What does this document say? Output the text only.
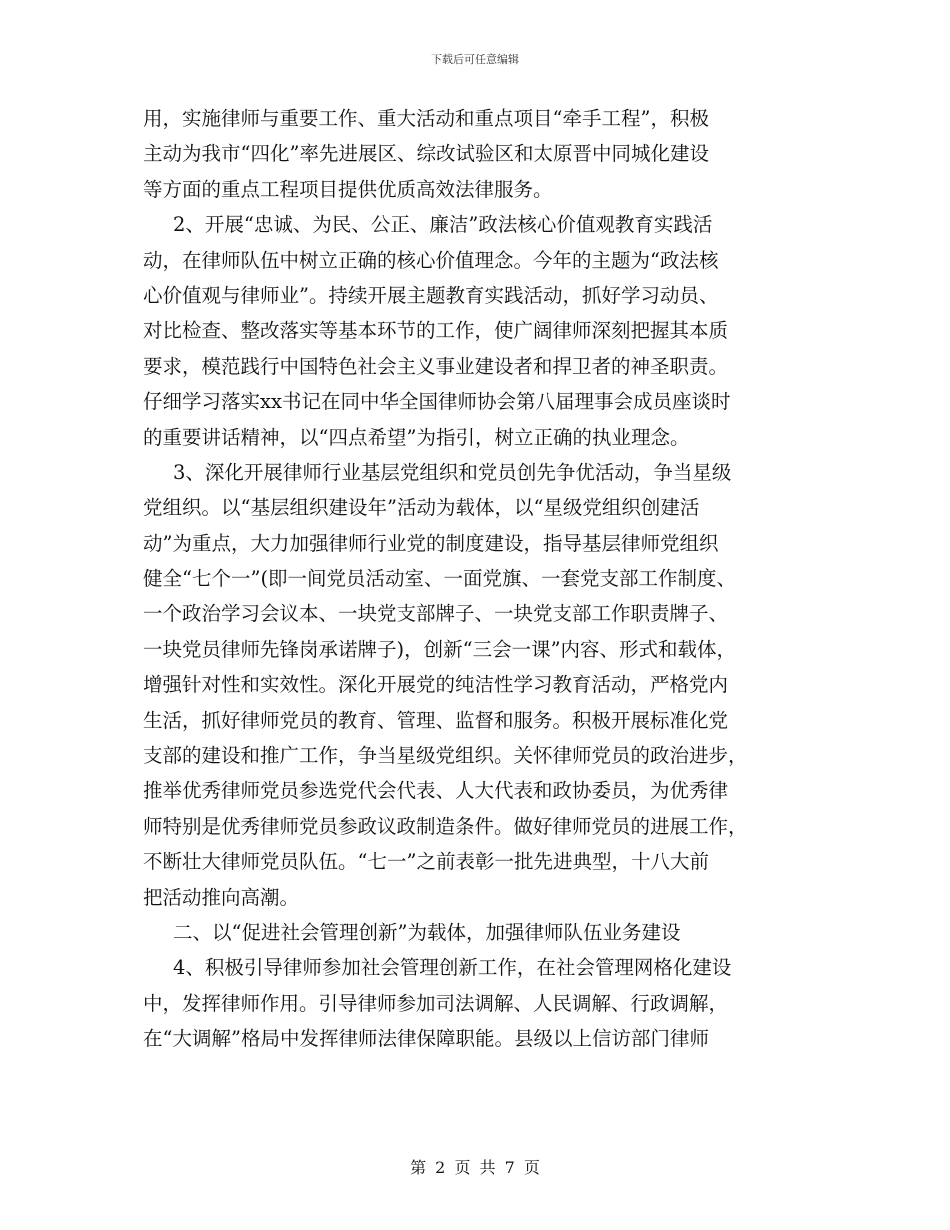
下载后可任意编辑
用，实施律师与重要工作、重大活动和重点项目“牵手工程”，积极
主动为我市“四化”率先进展区、综改试验区和太原晋中同城化建设
等方面的重点工程项目提供优质高效法律服务。
2、开展“忠诚、为民、公正、廉洁”政法核心价值观教育实践活
动，在律师队伍中树立正确的核心价值理念。今年的主题为“政法核
心价值观与律师业”。持续开展主题教育实践活动，抓好学习动员、
对比检查、整改落实等基本环节的工作，使广阔律师深刻把握其本质
要求，模范践行中国特色社会主义事业建设者和捍卫者的神圣职责。
仔细学习落实xx书记在同中华全国律师协会第八届理事会成员座谈时
的重要讲话精神，以“四点希望”为指引，树立正确的执业理念。
3、深化开展律师行业基层党组织和党员创先争优活动，争当星级
党组织。以“基层组织建设年”活动为载体，以“星级党组织创建活
动”为重点，大力加强律师行业党的制度建设，指导基层律师党组织
健全“七个一”(即一间党员活动室、一面党旗、一套党支部工作制度、
一个政治学习会议本、一块党支部牌子、一块党支部工作职责牌子、
一块党员律师先锋岗承诺牌子)，创新“三会一课”内容、形式和载体，
增强针对性和实效性。深化开展党的纯洁性学习教育活动，严格党内
生活，抓好律师党员的教育、管理、监督和服务。积极开展标准化党
支部的建设和推广工作，争当星级党组织。关怀律师党员的政治进步，
推举优秀律师党员参选党代会代表、人大代表和政协委员，为优秀律
师特别是优秀律师党员参政议政制造条件。做好律师党员的进展工作，
不断壮大律师党员队伍。“七一”之前表彰一批先进典型，十八大前
把活动推向高潮。
二、以“促进社会管理创新”为载体，加强律师队伍业务建设
4、积极引导律师参加社会管理创新工作，在社会管理网格化建设
中，发挥律师作用。引导律师参加司法调解、人民调解、行政调解，
在“大调解”格局中发挥律师法律保障职能。县级以上信访部门律师
第 2 页 共 7 页
